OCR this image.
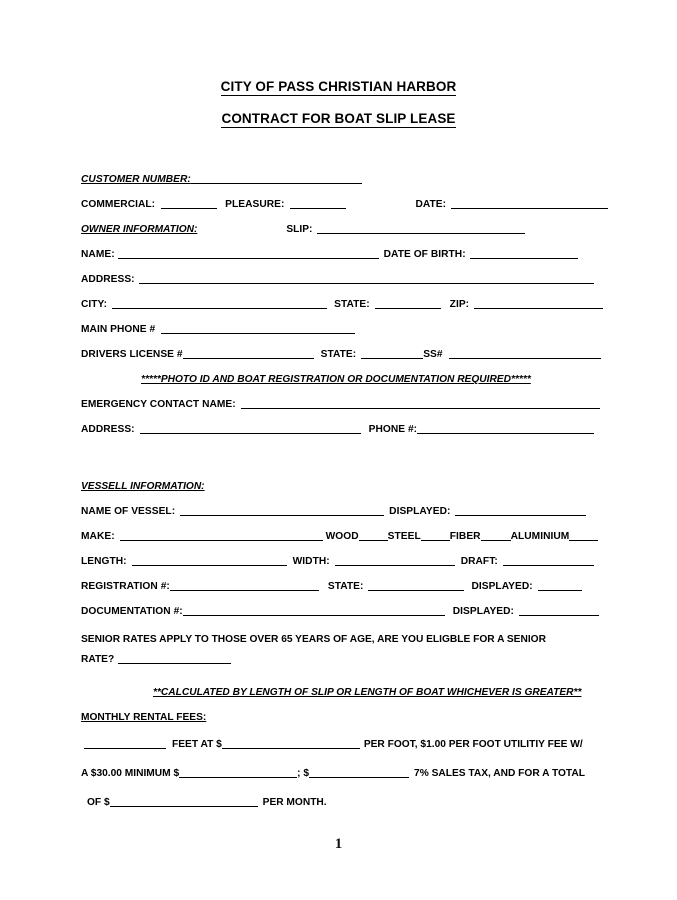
CITY OF PASS CHRISTIAN HARBOR
CONTRACT FOR BOAT SLIP LEASE
CUSTOMER NUMBER:
COMMERCIAL:	PLEASURE:	DATE:
OWNER INFORMATION:	SLIP:
NAME:	DATE OF BIRTH:
ADDRESS:
CITY:	STATE:	ZIP:
MAIN PHONE #
DRIVERS LICENSE #	STATE:	SS#
*****PHOTO ID AND BOAT REGISTRATION OR DOCUMENTATION REQUIRED*****
EMERGENCY CONTACT NAME:
ADDRESS:	PHONE #:
VESSELL INFORMATION:
NAME OF VESSEL:	DISPLAYED:
MAKE:	WOOD	STEEL	FIBER	ALUMINIUM
LENGTH:	WIDTH:	DRAFT:
REGISTRATION #:	STATE:	DISPLAYED:
DOCUMENTATION #:	DISPLAYED:
SENIOR RATES APPLY TO THOSE OVER 65 YEARS OF AGE, ARE YOU ELIGBLE FOR A SENIOR RATE?
**CALCULATED BY LENGTH OF SLIP OR LENGTH OF BOAT WHICHEVER IS GREATER**
MONTHLY RENTAL FEES:
FEET AT $	PER FOOT, $1.00 PER FOOT UTILITIY FEE W/
A $30.00 MINIMUM $	; $	7% SALES TAX, AND FOR A TOTAL
OF $	PER MONTH.
1
